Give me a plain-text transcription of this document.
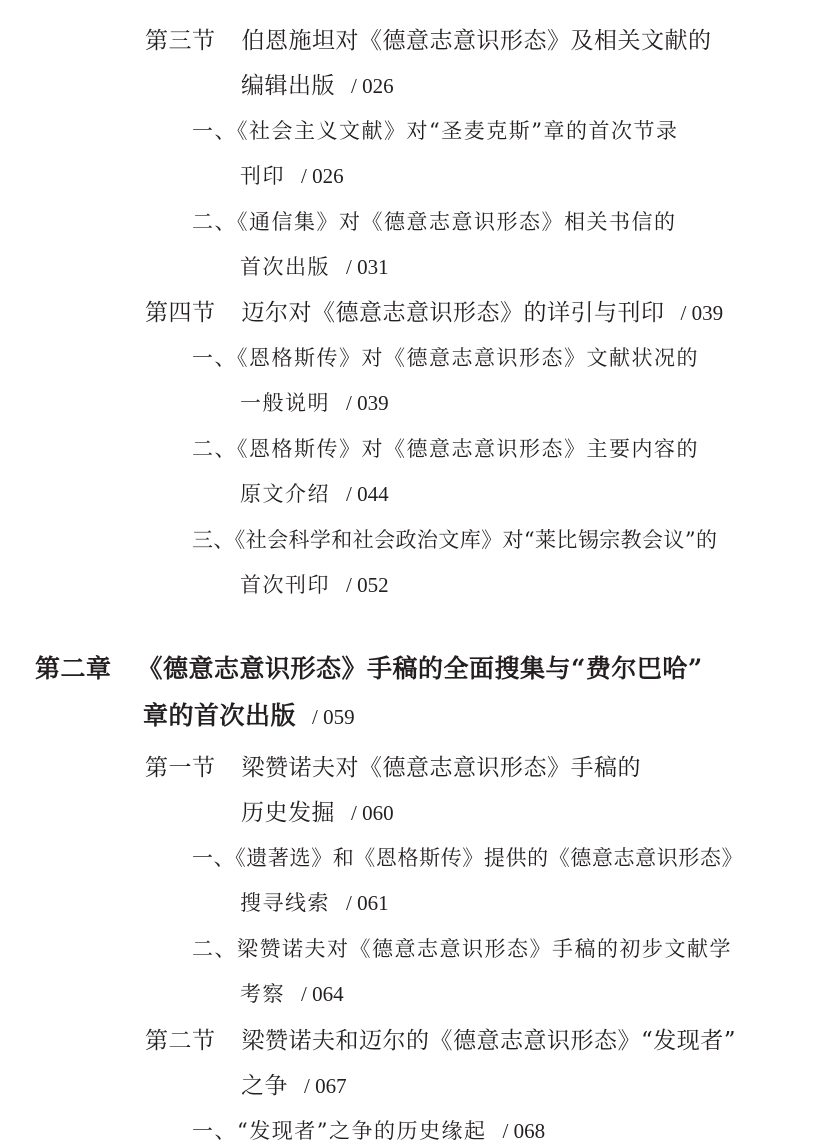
第三节 伯恩施坦对《德意志意识形态》及相关文献的
编辑出版 / 026
一、《社会主义文献》对“圣麦克斯”章的首次节录
刊印 / 026
二、《通信集》对《德意志意识形态》相关书信的
首次出版 / 031
第四节 迈尔对《德意志意识形态》的详引与刊印 / 039
一、《恩格斯传》对《德意志意识形态》文献状况的
一般说明 / 039
二、《恩格斯传》对《德意志意识形态》主要内容的
原文介绍 / 044
三、《社会科学和社会政治文库》对“莱比锡宗教会议”的
首次刊印 / 052
第二章 《德意志意识形态》手稿的全面搜集与“费尔巴哈”
章的首次出版 / 059
第一节 梁赞诺夫对《德意志意识形态》手稿的
历史发掘 / 060
一、《遗著选》和《恩格斯传》提供的《德意志意识形态》
搜寻线索 / 061
二、梁赞诺夫对《德意志意识形态》手稿的初步文献学
考察 / 064
第二节 梁赞诺夫和迈尔的《德意志意识形态》“发现者”
之争 / 067
一、“发现者”之争的历史缘起 / 068
